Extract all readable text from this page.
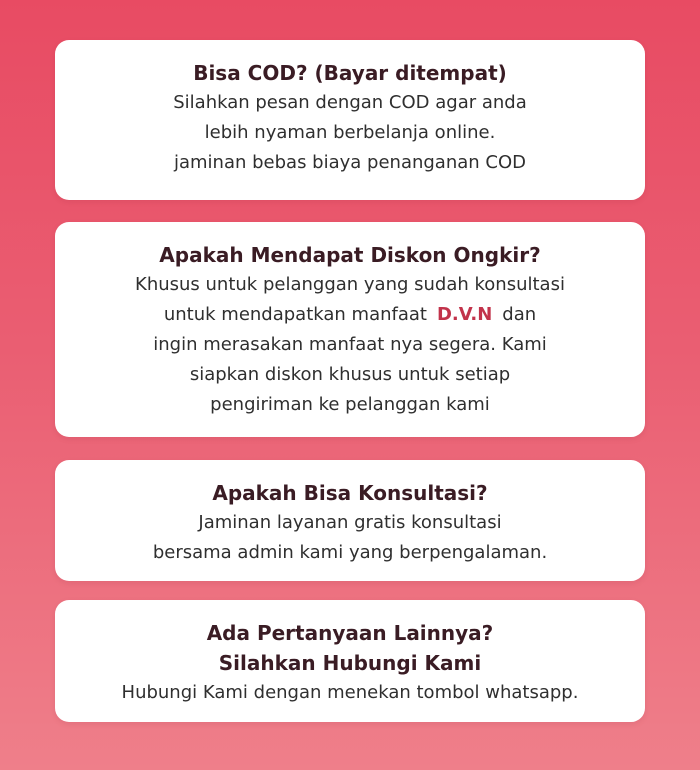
Bisa COD? (Bayar ditempat)

Silahkan pesan dengan COD agar anda

lebih nyaman berbelanja online.

jaminan bebas biaya penanganan COD

Apakah Mendapat Diskon Ongkir?

Khusus untuk pelanggan yang sudah konsultasi

untuk mendapatkan manfaat D.V.N dan

ingin merasakan manfaat nya segera. Kami

siapkan diskon khusus untuk setiap

pengiriman ke pelanggan kami

Apakah Bisa Konsultasi?

Jaminan layanan gratis konsultasi

bersama admin kami yang berpengalaman.

Ada Pertanyaan Lainnya?

Silahkan Hubungi Kami

Hubungi Kami dengan menekan tombol whatsapp.
